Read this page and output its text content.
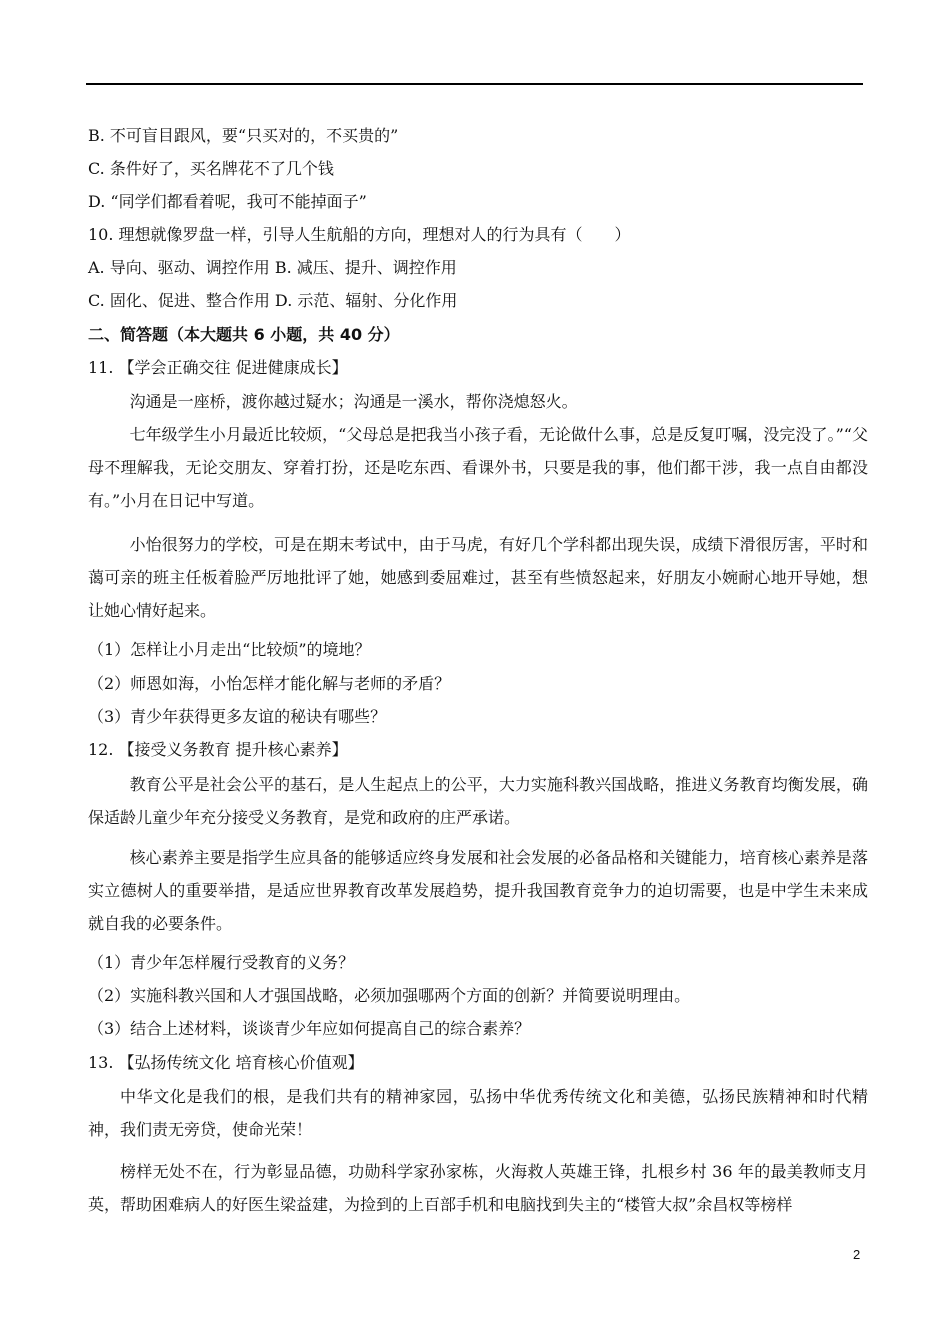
B. 不可盲目跟风，要“只买对的，不买贵的”
C. 条件好了，买名牌花不了几个钱
D. “同学们都看着呢，我可不能掉面子”
10. 理想就像罗盘一样，引导人生航船的方向，理想对人的行为具有（　　）
A. 导向、驱动、调控作用 B. 减压、提升、调控作用
C. 固化、促进、整合作用 D. 示范、辐射、分化作用
二、简答题（本大题共 6 小题，共 40 分）
11. 【学会正确交往 促进健康成长】
沟通是一座桥，渡你越过疑水；沟通是一溪水，帮你浇熄怒火。
七年级学生小月最近比较烦，“父母总是把我当小孩子看，无论做什么事，总是反复叮嘱，没完没了。”“父母不理解我，无论交朋友、穿着打扮，还是吃东西、看课外书，只要是我的事，他们都干涉，我一点自由都没有。”小月在日记中写道。
小怡很努力的学校，可是在期末考试中，由于马虎，有好几个学科都出现失误，成绩下滑很厉害，平时和蔼可亲的班主任板着脸严厉地批评了她，她感到委屈难过，甚至有些愤怒起来，好朋友小婉耐心地开导她，想让她心情好起来。
（1）怎样让小月走出“比较烦”的境地？
（2）师恩如海，小怡怎样才能化解与老师的矛盾？
（3）青少年获得更多友谊的秘诀有哪些？
12. 【接受义务教育 提升核心素养】
教育公平是社会公平的基石，是人生起点上的公平，大力实施科教兴国战略，推进义务教育均衡发展，确保适龄儿童少年充分接受义务教育，是党和政府的庄严承诺。
核心素养主要是指学生应具备的能够适应终身发展和社会发展的必备品格和关键能力，培育核心素养是落实立德树人的重要举措，是适应世界教育改革发展趋势，提升我国教育竞争力的迫切需要，也是中学生未来成就自我的必要条件。
（1）青少年怎样履行受教育的义务？
（2）实施科教兴国和人才强国战略，必须加强哪两个方面的创新？并简要说明理由。
（3）结合上述材料，谈谈青少年应如何提高自己的综合素养？
13. 【弘扬传统文化 培育核心价值观】
中华文化是我们的根，是我们共有的精神家园，弘扬中华优秀传统文化和美德，弘扬民族精神和时代精神，我们责无旁贷，使命光荣！
榜样无处不在，行为彰显品德，功勋科学家孙家栋，火海救人英雄王锋，扎根乡村 36 年的最美教师支月英，帮助困难病人的好医生梁益建，为捡到的上百部手机和电脑找到失主的“楼管大叔”余昌权等榜样
2
